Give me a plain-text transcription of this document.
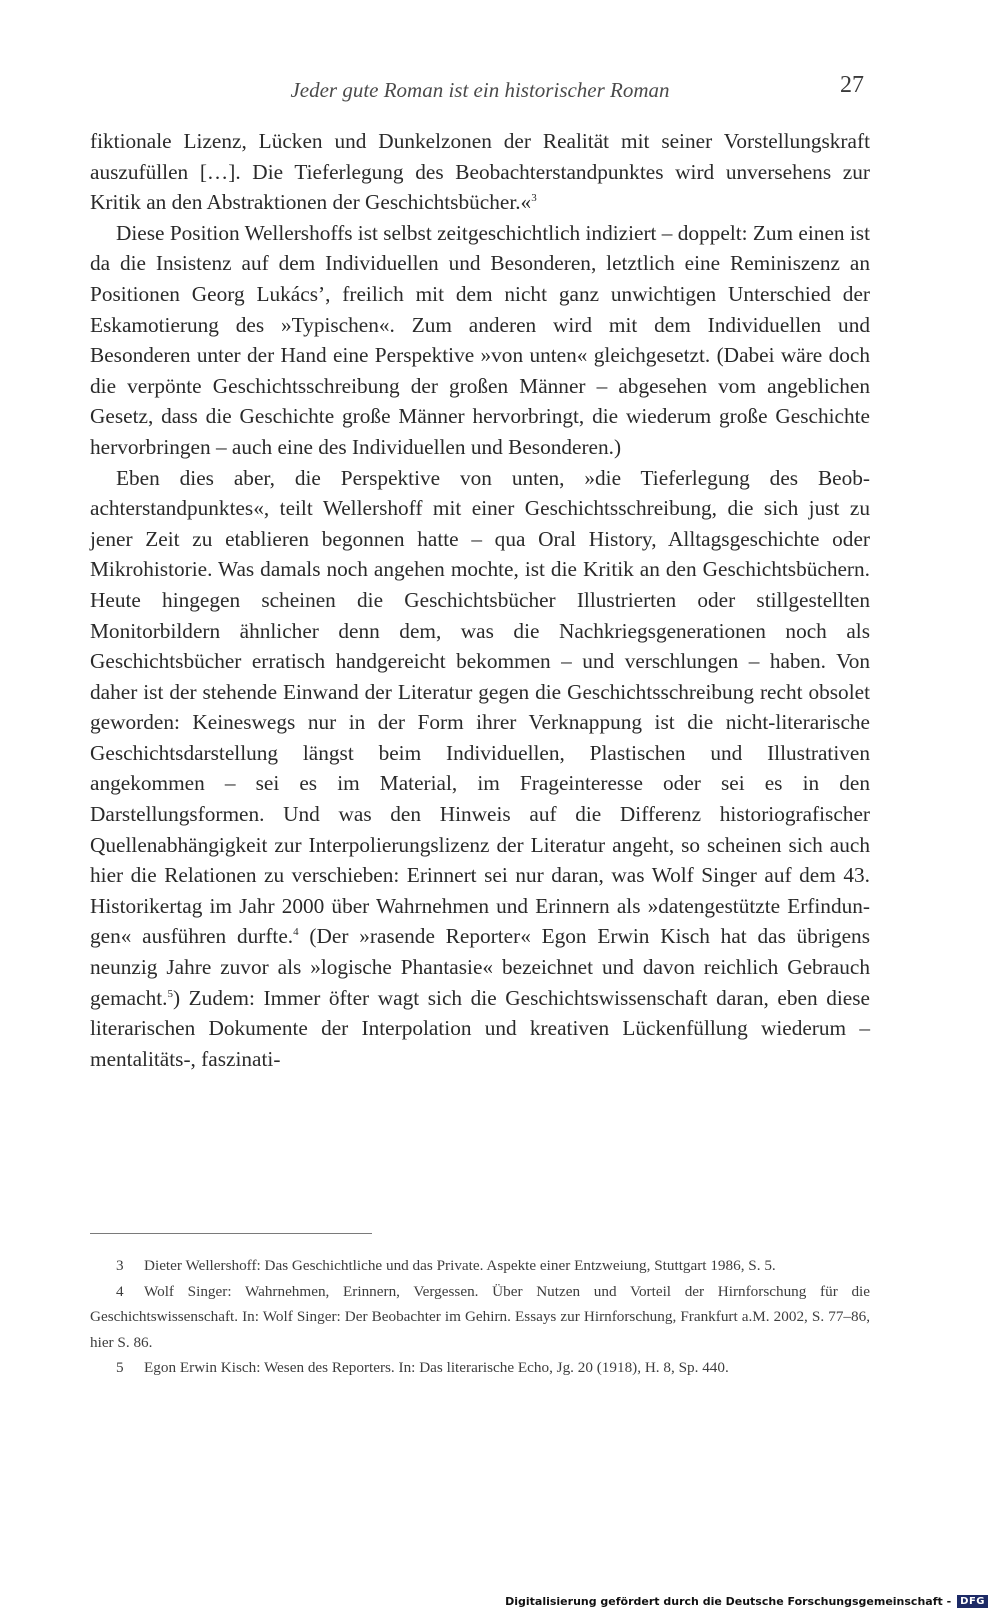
Jeder gute Roman ist ein historischer Roman	27

fiktionale Lizenz, Lücken und Dunkelzonen der Realität mit seiner Vorstellungskraft auszufüllen […]. Die Tieferlegung des Beobachterstandpunktes wird unversehens zur Kritik an den Abstraktionen der Geschichtsbücher.«$^3$

Diese Position Wellershoffs ist selbst zeitgeschichtlich indiziert – doppelt: Zum einen ist da die Insistenz auf dem Individuellen und Besonderen, letztlich eine Reminiszenz an Positionen Georg Lukács’, freilich mit dem nicht ganz unwichtigen Unterschied der Eskamotierung des »Typischen«. Zum anderen wird mit dem Individuellen und Besonderen unter der Hand eine Perspektive »von unten« gleichgesetzt. (Dabei wäre doch die verpönte Geschichtsschreibung der großen Männer – abgesehen vom angeblichen Gesetz, dass die Geschichte große Männer hervorbringt, die wiederum große Geschichte hervorbringen – auch eine des Individuellen und Besonderen.)

Eben dies aber, die Perspektive von unten, »die Tieferlegung des Beobachterstandpunktes«, teilt Wellershoff mit einer Geschichtsschreibung, die sich just zu jener Zeit zu etablieren begonnen hatte – qua Oral History, Alltagsgeschichte oder Mikrohistorie. Was damals noch angehen mochte, ist die Kritik an den Geschichtsbüchern. Heute hingegen scheinen die Geschichtsbücher Illustrierten oder stillgestellten Monitorbildern ähnlicher denn dem, was die Nachkriegsgenerationen noch als Geschichtsbücher erratisch handgereicht bekommen – und verschlungen – haben. Von daher ist der stehende Einwand der Literatur gegen die Geschichtsschreibung recht obsolet geworden: Keineswegs nur in der Form ihrer Verknappung ist die nicht-literarische Geschichtsdarstellung längst beim Individuellen, Plastischen und Illustrativen angekommen – sei es im Material, im Frageinteresse oder sei es in den Darstellungsformen. Und was den Hinweis auf die Differenz historiografischer Quellenabhängigkeit zur Interpolierungslizenz der Literatur angeht, so scheinen sich auch hier die Relationen zu verschieben: Erinnert sei nur daran, was Wolf Singer auf dem 43. Historikertag im Jahr 2000 über Wahrnehmen und Erinnern als »datengestützte Erfindungen« ausführen durfte.$^4$ (Der »rasende Reporter« Egon Erwin Kisch hat das übrigens neunzig Jahre zuvor als »logische Phantasie« bezeichnet und davon reichlich Gebrauch gemacht.$^5$) Zudem: Immer öfter wagt sich die Geschichtswissenschaft daran, eben diese literarischen Dokumente der Interpolation und kreativen Lückenfüllung wiederum – mentalitäts-, faszinati-

3 Dieter Wellershoff: Das Geschichtliche und das Private. Aspekte einer Entzweiung, Stuttgart 1986, S. 5.

4 Wolf Singer: Wahrnehmen, Erinnern, Vergessen. Über Nutzen und Vorteil der Hirnforschung für die Geschichtswissenschaft. In: Wolf Singer: Der Beobachter im Gehirn. Essays zur Hirnforschung, Frankfurt a.M. 2002, S. 77–86, hier S. 86.

5 Egon Erwin Kisch: Wesen des Reporters. In: Das literarische Echo, Jg. 20 (1918), H. 8, Sp. 440.

Digitalisierung gefördert durch die Deutsche Forschungsgemeinschaft - DFG
